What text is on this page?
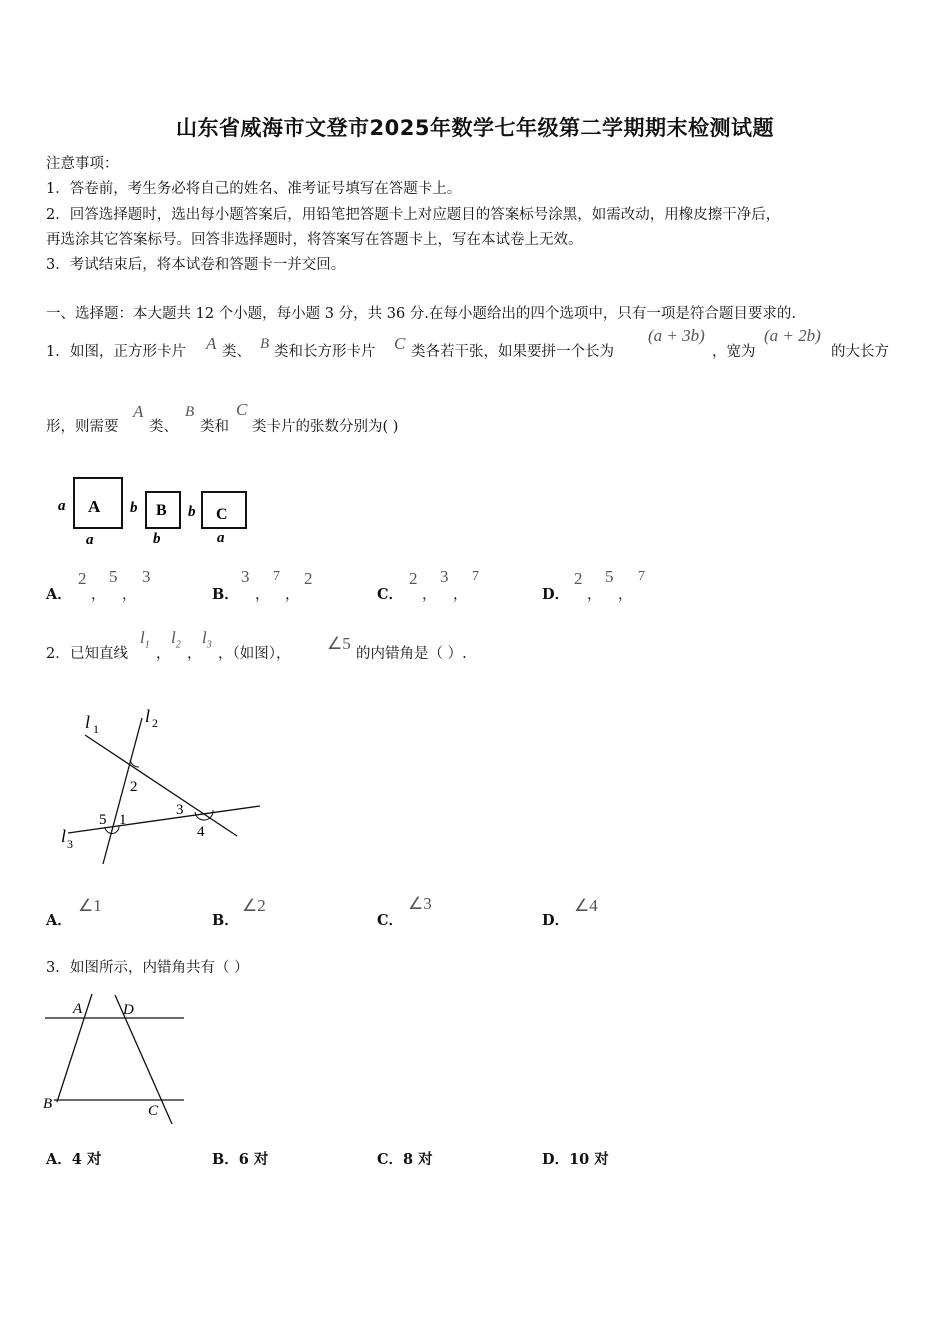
山东省威海市文登市2025年数学七年级第二学期期末检测试题
注意事项：
1．答卷前，考生务必将自己的姓名、准考证号填写在答题卡上。
2．回答选择题时，选出每小题答案后，用铅笔把答题卡上对应题目的答案标号涂黑，如需改动，用橡皮擦干净后，
再选涂其它答案标号。回答非选择题时，将答案写在答题卡上，写在本试卷上无效。
3．考试结束后，将本试卷和答题卡一并交回。
一、选择题：本大题共 12 个小题，每小题 3 分，共 36 分.在每小题给出的四个选项中，只有一项是符合题目要求的.
1． 如图，正方形卡片 A 类、 B 类和长方形卡片 C 类各若干张，如果要拼一个长为
(a + 3b)
，宽为
(a + 2b)
的大长方
形，则需要
A
类、
B
类和
C
类卡片的张数分别为( )
A
a
a
B
b
b
C
b
a
A．
2
，
5
，
3
B．
3
，
7
，
2
C．
2
，
3
，
7
D．
2
，
5
，
7
2． 已知直线
$l_1$
，
$l_2$
，
$l_3$
，（如图），
∠5
的内错角是（ ）.
l 1
l 2
2
3
5 1
4
l 3
A．
∠1
B．
∠2
C．
∠3
D．
∠4
3． 如图所示，内错角共有（ ）
A	D
B	C
A．4 对	B．6 对	C．8 对	D．10 对
